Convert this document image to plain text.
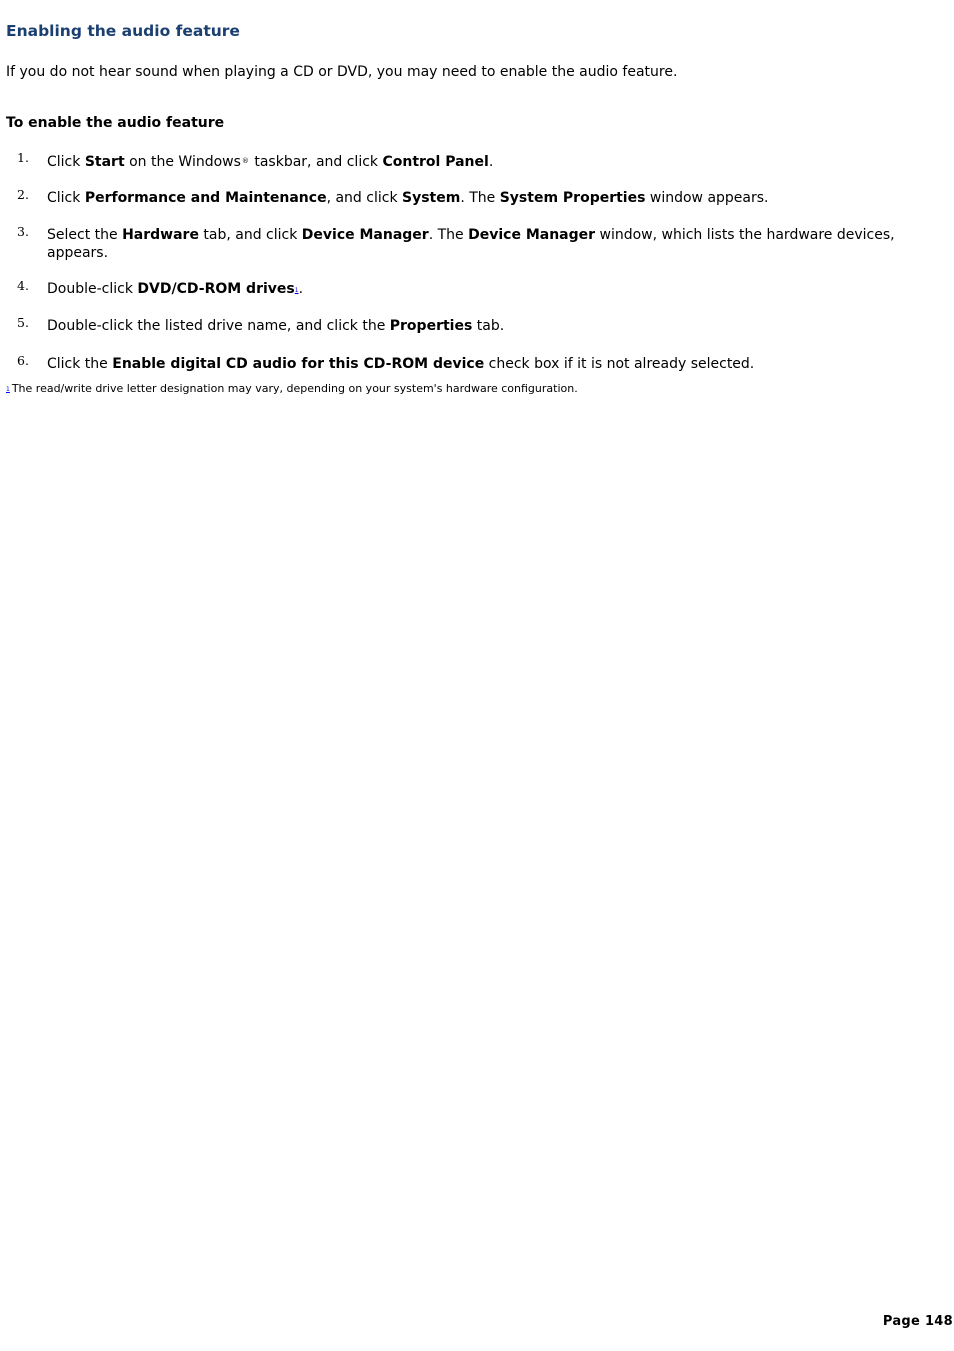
Enabling the audio feature

If you do not hear sound when playing a CD or DVD, you may need to enable the audio feature.

To enable the audio feature

1.	Click Start on the Windows® taskbar, and click Control Panel.
2.	Click Performance and Maintenance, and click System. The System Properties window appears.
3.	Select the Hardware tab, and click Device Manager. The Device Manager window, which lists the hardware devices, appears.
4.	Double-click DVD/CD-ROM drives1.
5.	Double-click the listed drive name, and click the Properties tab.
6.	Click the Enable digital CD audio for this CD-ROM device check box if it is not already selected.
1 The read/write drive letter designation may vary, depending on your system's hardware configuration.
Page 148
